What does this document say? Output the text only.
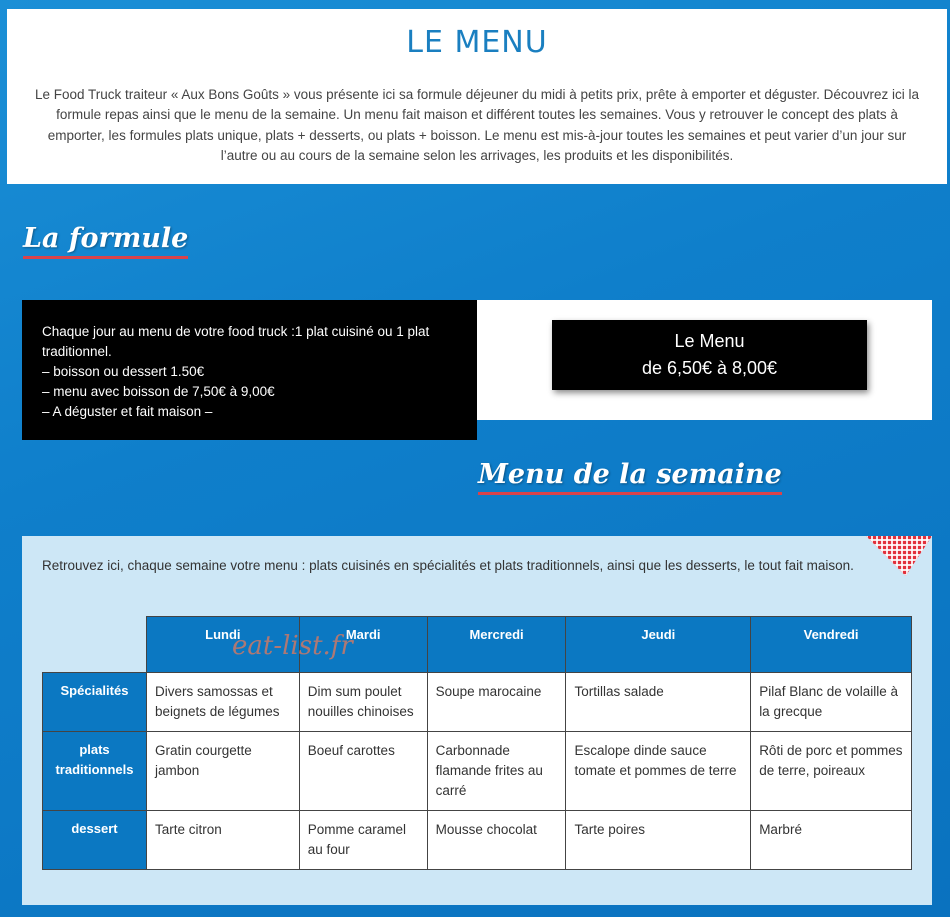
LE MENU

Le Food Truck traiteur « Aux Bons Goûts » vous présente ici sa formule déjeuner du midi à petits prix, prête à emporter et déguster. Découvrez ici la formule repas ainsi que le menu de la semaine. Un menu fait maison et différent toutes les semaines. Vous y retrouver le concept des plats à emporter, les formules plats unique, plats + desserts, ou plats + boisson. Le menu est mis-à-jour toutes les semaines et peut varier d’un jour sur l’autre ou au cours de la semaine selon les arrivages, les produits et les disponibilités.

La formule
Chaque jour au menu de votre food truck :1 plat cuisiné ou 1 plat traditionnel.
– boisson ou dessert 1.50€
– menu avec boisson de 7,50€ à 9,00€
– A déguster et fait maison –
Le Menu
de 6,50€ à 8,00€
Menu de la semaine
Retrouvez ici, chaque semaine votre menu : plats cuisinés en spécialités et plats traditionnels, ainsi que les desserts, le tout fait maison.
	Lundi	Mardi	Mercredi	Jeudi	Vendredi
Spécialités	Divers samossas et beignets de légumes	Dim sum poulet nouilles chinoises	Soupe marocaine	Tortillas salade	Pilaf Blanc de volaille à la grecque
plats traditionnels	Gratin courgette jambon	Boeuf carottes	Carbonnade flamande frites au carré	Escalope dinde sauce tomate et pommes de terre	Rôti de porc et pommes de terre, poireaux
dessert	Tarte citron	Pomme caramel au four	Mousse chocolat	Tarte poires	Marbré
eat-list.fr
